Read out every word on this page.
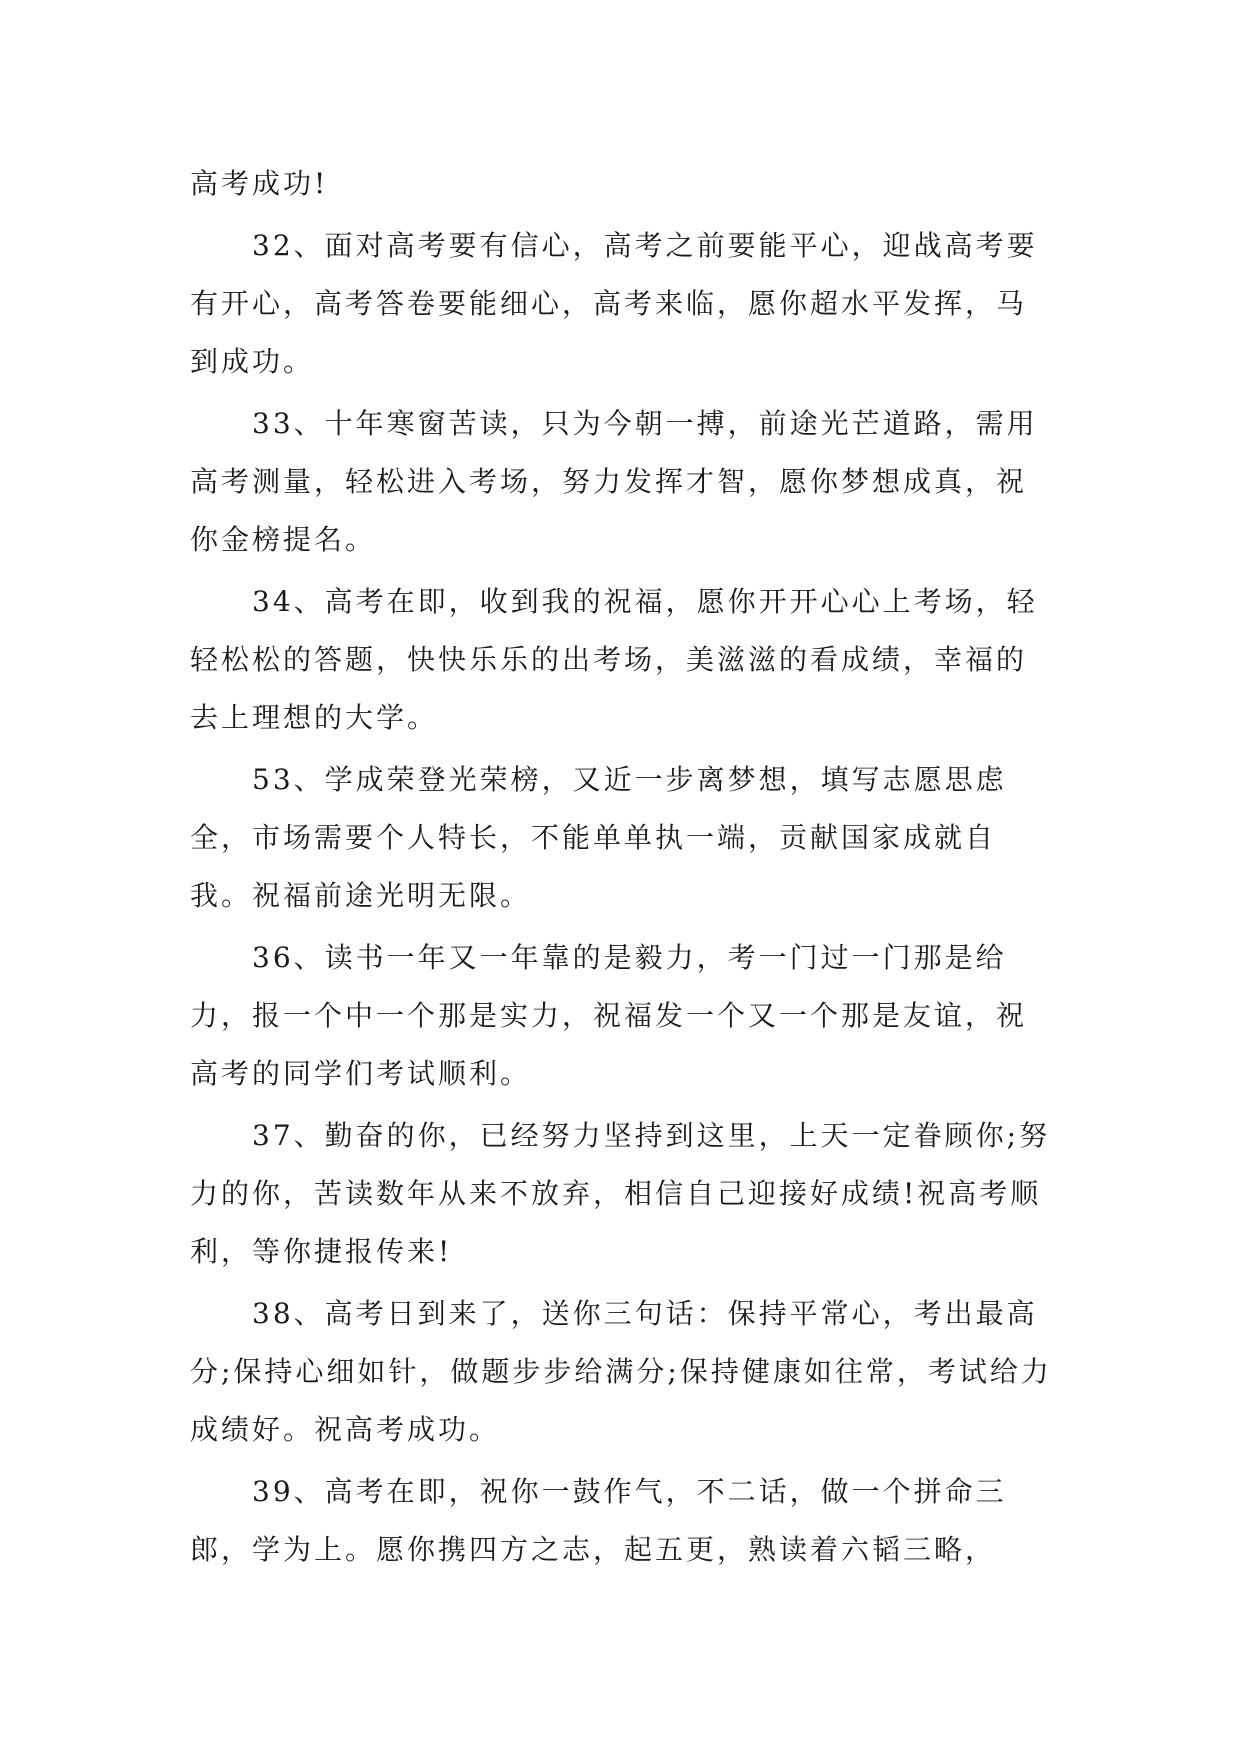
高考成功!

32、面对高考要有信心，高考之前要能平心，迎战高考要有开心，高考答卷要能细心，高考来临，愿你超水平发挥，马到成功。

33、十年寒窗苦读，只为今朝一搏，前途光芒道路，需用高考测量，轻松进入考场，努力发挥才智，愿你梦想成真，祝你金榜提名。

34、高考在即，收到我的祝福，愿你开开心心上考场，轻轻松松的答题，快快乐乐的出考场，美滋滋的看成绩，幸福的去上理想的大学。

53、学成荣登光荣榜，又近一步离梦想，填写志愿思虑全，市场需要个人特长，不能单单执一端，贡献国家成就自我。祝福前途光明无限。

36、读书一年又一年靠的是毅力，考一门过一门那是给力，报一个中一个那是实力，祝福发一个又一个那是友谊，祝高考的同学们考试顺利。

37、勤奋的你，已经努力坚持到这里，上天一定眷顾你;努力的你，苦读数年从来不放弃，相信自己迎接好成绩!祝高考顺利，等你捷报传来!

38、高考日到来了，送你三句话：保持平常心，考出最高分;保持心细如针，做题步步给满分;保持健康如往常，考试给力成绩好。祝高考成功。

39、高考在即，祝你一鼓作气，不二话，做一个拼命三郎，学为上。愿你携四方之志，起五更，熟读着六韬三略，
